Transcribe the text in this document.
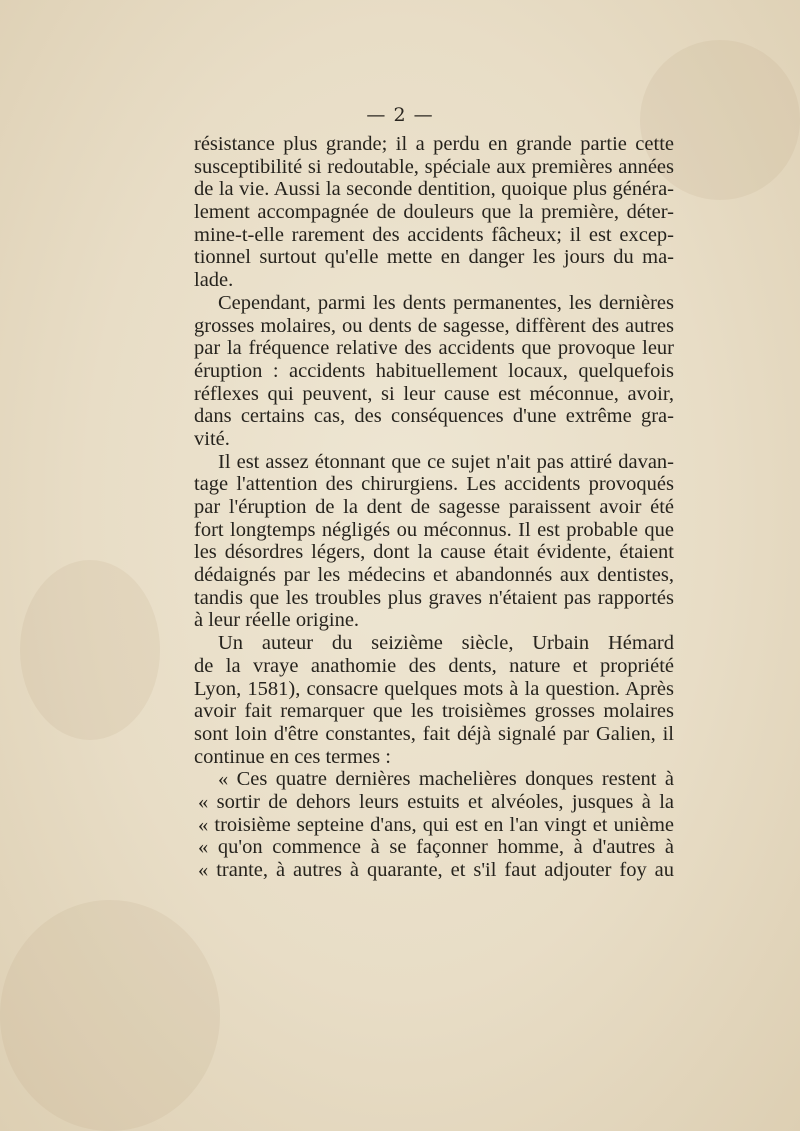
— 2 —
résistance plus grande; il a perdu en grande partie cette
susceptibilité si redoutable, spéciale aux premières années
de la vie. Aussi la seconde dentition, quoique plus généra-
lement accompagnée de douleurs que la première, déter-
mine-t-elle rarement des accidents fâcheux; il est excep-
tionnel surtout qu'elle mette en danger les jours du ma-
lade.
Cependant, parmi les dents permanentes, les dernières
grosses molaires, ou dents de sagesse, diffèrent des autres
par la fréquence relative des accidents que provoque leur
éruption : accidents habituellement locaux, quelquefois
réflexes qui peuvent, si leur cause est méconnue, avoir,
dans certains cas, des conséquences d'une extrême gra-
vité.
Il est assez étonnant que ce sujet n'ait pas attiré davan-
tage l'attention des chirurgiens. Les accidents provoqués
par l'éruption de la dent de sagesse paraissent avoir été
fort longtemps négligés ou méconnus. Il est probable que
les désordres légers, dont la cause était évidente, étaient
dédaignés par les médecins et abandonnés aux dentistes,
tandis que les troubles plus graves n'étaient pas rapportés
à leur réelle origine.
Un auteur du seizième siècle, Urbain Hémard
de la vraye anathomie des dents, nature et propriété
Lyon, 1581), consacre quelques mots à la question. Après
avoir fait remarquer que les troisièmes grosses molaires
sont loin d'être constantes, fait déjà signalé par Galien, il
continue en ces termes :
« Ces quatre dernières machelières donques restent à
« sortir de dehors leurs estuits et alvéoles, jusques à la
« troisième septeine d'ans, qui est en l'an vingt et unième
« qu'on commence à se façonner homme, à d'autres à
« trante, à autres à quarante, et s'il faut adjouter foy au
